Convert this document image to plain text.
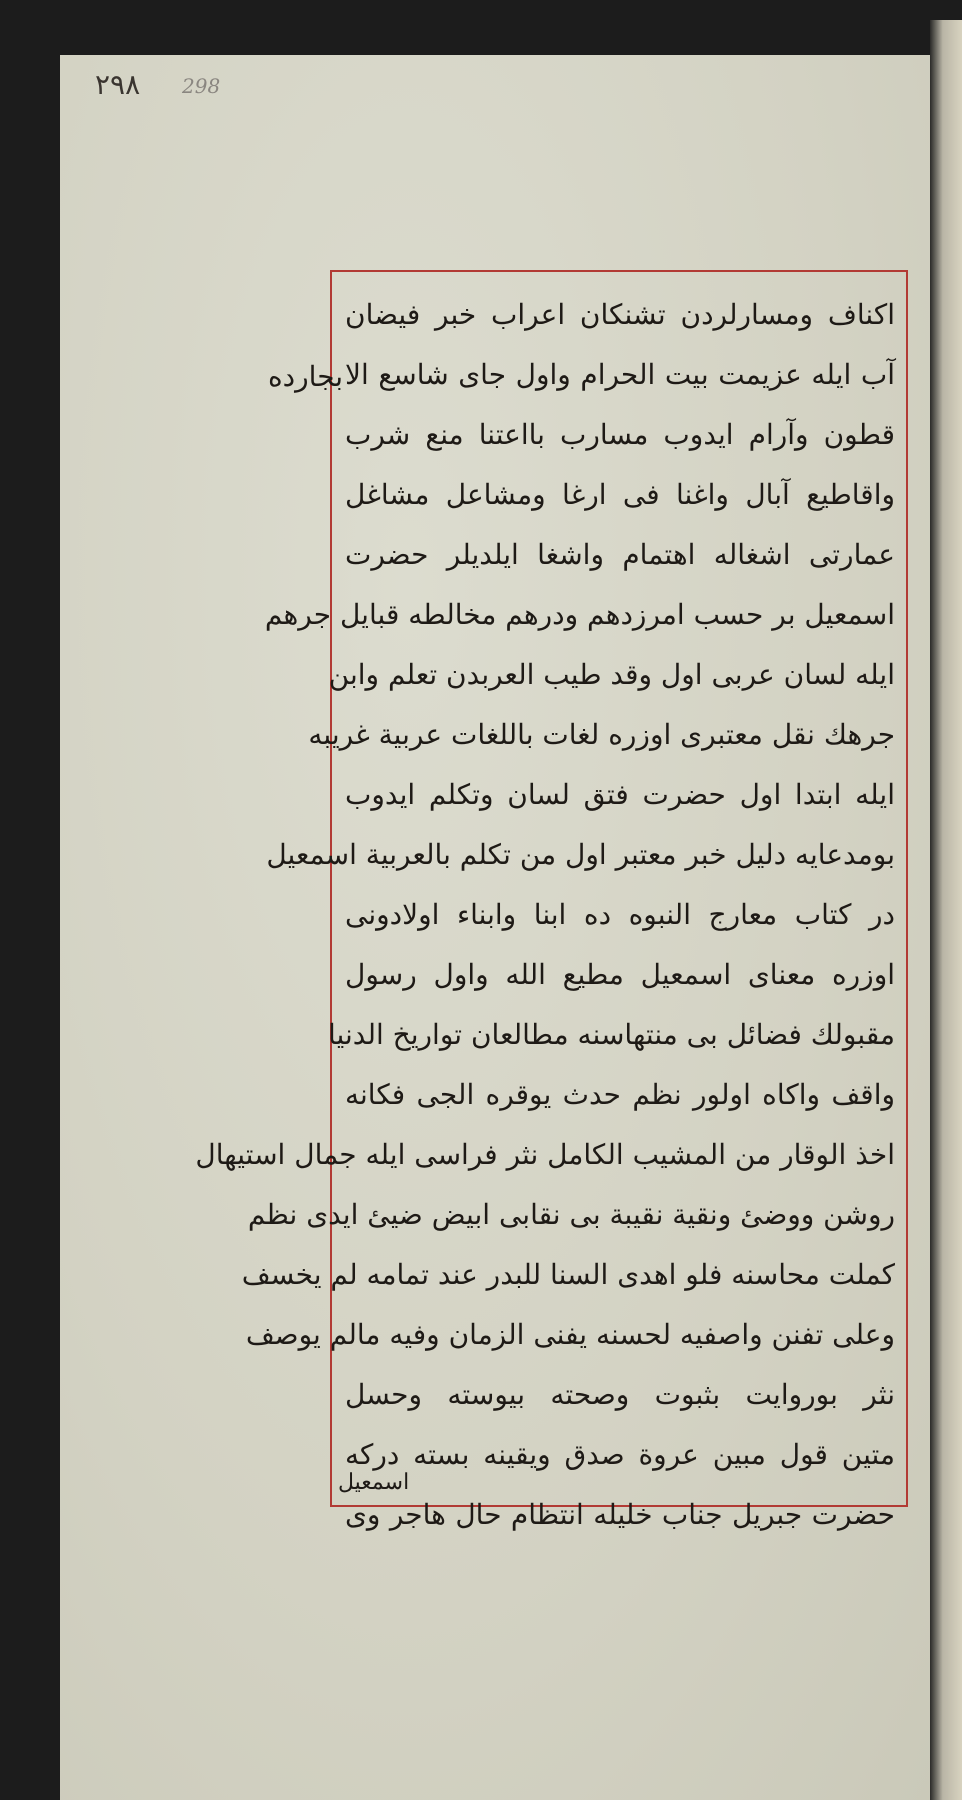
٢٩٨ 298
بجارده
اكناف ومسارلردن تشنكان اعراب خبر فيضان
آب ايله عزيمت بيت الحرام واول جاى شاسع الا
قطون وآرام ايدوب مسارب بااعتنا منع شرب
واقاطيع آبال واغنا فى ارغا ومشاعل مشاغل
عمارتى اشغاله اهتمام واشغا ايلديلر حضرت
اسمعيل بر حسب امرزدهم ودرهم مخالطه قبايل جرهم
ايله لسان عربى اول وقد طيب العربدن تعلم وابن
جرهك نقل معتبرى اوزره لغات باللغات عربية غريبه
ايله ابتدا اول حضرت فتق لسان وتكلم ايدوب
بومدعايه دليل خبر معتبر اول من تكلم بالعربية اسمعيل
در كتاب معارج النبوه ده ابنا وابناء اولادونى
اوزره معناى اسمعيل مطيع الله واول رسول
مقبولك فضائل بى منتهاسنه مطالعان تواريخ الدنيا
واقف واكاه اولور نظم حدث يوقره الجى فكانه
اخذ الوقار من المشيب الكامل نثر فراسى ايله جمال استيهال
روشن ووضئ ونقية نقيبة بى نقابى ابيض ضيئ ايدى نظم
كملت محاسنه فلو اهدى السنا للبدر عند تمامه لم يخسف
وعلى تفنن واصفيه لحسنه يفنى الزمان وفيه مالم يوصف
نثر بوروايت بثبوت وصحته بيوسته وحسل
متين قول مبين عروة صدق ويقينه بسته دركه
حضرت جبريل جناب خليله انتظام حال هاجر وى
اسمعيل
